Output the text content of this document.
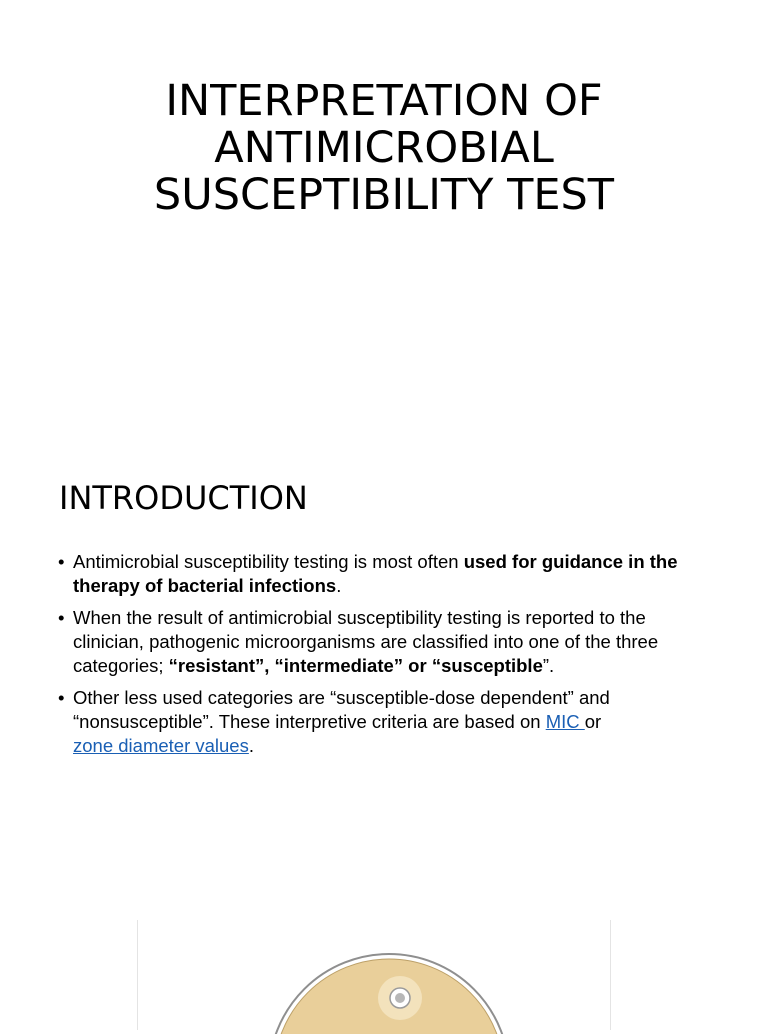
INTERPRETATION OF
ANTIMICROBIAL
SUSCEPTIBILITY TEST
INTRODUCTION
• Antimicrobial susceptibility testing is most often used for guidance in the therapy of bacterial infections.
• When the result of antimicrobial susceptibility testing is reported to the clinician, pathogenic microorganisms are classified into one of the three categories; “resistant”, “intermediate” or “susceptible”.
• Other less used categories are “susceptible-dose dependent” and “nonsusceptible”. These interpretive criteria are based on MIC or
zone diameter values.
